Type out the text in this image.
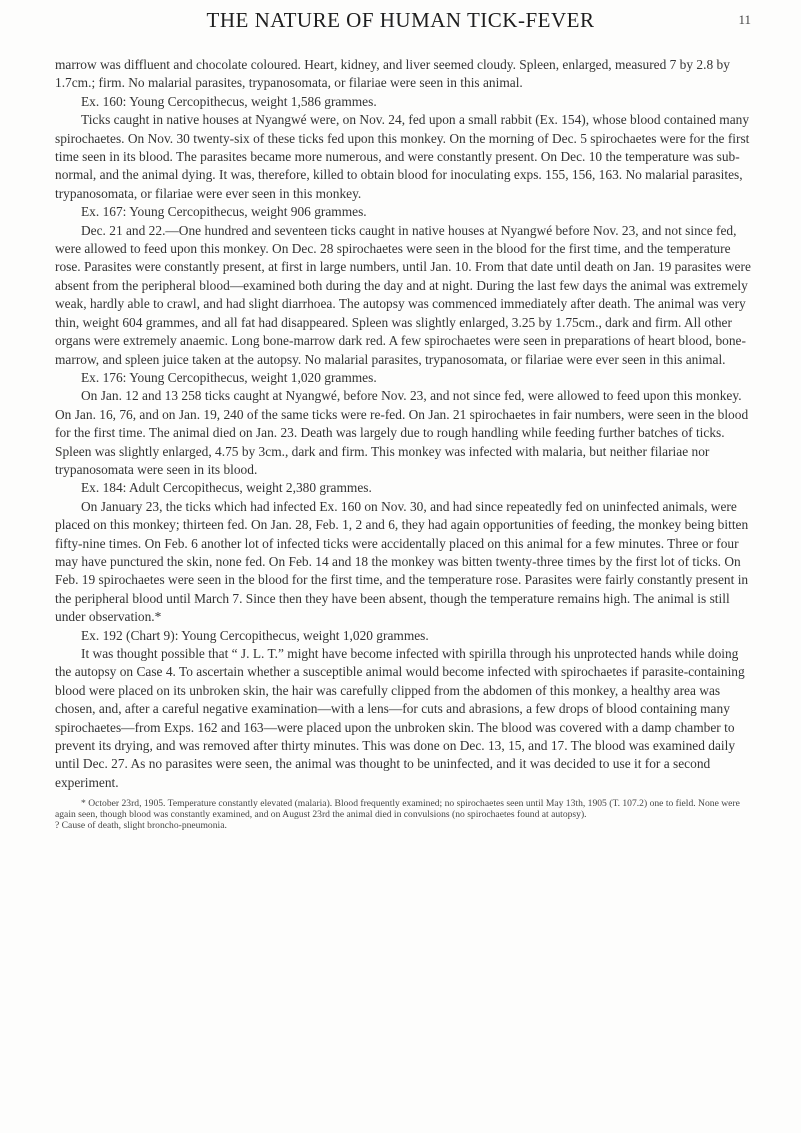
THE NATURE OF HUMAN TICK-FEVER	11

marrow was diffluent and chocolate coloured. Heart, kidney, and liver seemed cloudy. Spleen, enlarged, measured 7 by 2.8 by 1.7cm.; firm. No malarial parasites, trypanosomata, or filariae were seen in this animal.

Ex. 160: Young Cercopithecus, weight 1,586 grammes.

Ticks caught in native houses at Nyangwé were, on Nov. 24, fed upon a small rabbit (Ex. 154), whose blood contained many spirochaetes. On Nov. 30 twenty-six of these ticks fed upon this monkey. On the morning of Dec. 5 spirochaetes were for the first time seen in its blood. The parasites became more numerous, and were constantly present. On Dec. 10 the temperature was sub-normal, and the animal dying. It was, therefore, killed to obtain blood for inoculating exps. 155, 156, 163. No malarial parasites, trypanosomata, or filariae were ever seen in this monkey.

Ex. 167: Young Cercopithecus, weight 906 grammes.

Dec. 21 and 22.—One hundred and seventeen ticks caught in native houses at Nyangwé before Nov. 23, and not since fed, were allowed to feed upon this monkey. On Dec. 28 spirochaetes were seen in the blood for the first time, and the temperature rose. Parasites were constantly present, at first in large numbers, until Jan. 10. From that date until death on Jan. 19 parasites were absent from the peripheral blood—examined both during the day and at night. During the last few days the animal was extremely weak, hardly able to crawl, and had slight diarrhoea. The autopsy was commenced immediately after death. The animal was very thin, weight 604 grammes, and all fat had disappeared. Spleen was slightly enlarged, 3.25 by 1.75cm., dark and firm. All other organs were extremely anaemic. Long bone-marrow dark red. A few spirochaetes were seen in preparations of heart blood, bone-marrow, and spleen juice taken at the autopsy. No malarial parasites, trypanosomata, or filariae were ever seen in this animal.

Ex. 176: Young Cercopithecus, weight 1,020 grammes.

On Jan. 12 and 13 258 ticks caught at Nyangwé, before Nov. 23, and not since fed, were allowed to feed upon this monkey. On Jan. 16, 76, and on Jan. 19, 240 of the same ticks were re-fed. On Jan. 21 spirochaetes in fair numbers, were seen in the blood for the first time. The animal died on Jan. 23. Death was largely due to rough handling while feeding further batches of ticks. Spleen was slightly enlarged, 4.75 by 3cm., dark and firm. This monkey was infected with malaria, but neither filariae nor trypanosomata were seen in its blood.

Ex. 184: Adult Cercopithecus, weight 2,380 grammes.

On January 23, the ticks which had infected Ex. 160 on Nov. 30, and had since repeatedly fed on uninfected animals, were placed on this monkey; thirteen fed. On Jan. 28, Feb. 1, 2 and 6, they had again opportunities of feeding, the monkey being bitten fifty-nine times. On Feb. 6 another lot of infected ticks were accidentally placed on this animal for a few minutes. Three or four may have punctured the skin, none fed. On Feb. 14 and 18 the monkey was bitten twenty-three times by the first lot of ticks. On Feb. 19 spirochaetes were seen in the blood for the first time, and the temperature rose. Parasites were fairly constantly present in the peripheral blood until March 7. Since then they have been absent, though the temperature remains high. The animal is still under observation.*

Ex. 192 (Chart 9): Young Cercopithecus, weight 1,020 grammes.

It was thought possible that “ J. L. T.” might have become infected with spirilla through his unprotected hands while doing the autopsy on Case 4. To ascertain whether a susceptible animal would become infected with spirochaetes if parasite-containing blood were placed on its unbroken skin, the hair was carefully clipped from the abdomen of this monkey, a healthy area was chosen, and, after a careful negative examination—with a lens—for cuts and abrasions, a few drops of blood containing many spirochaetes—from Exps. 162 and 163—were placed upon the unbroken skin. The blood was covered with a damp chamber to prevent its drying, and was removed after thirty minutes. This was done on Dec. 13, 15, and 17. The blood was examined daily until Dec. 27. As no parasites were seen, the animal was thought to be uninfected, and it was decided to use it for a second experiment.

* October 23rd, 1905. Temperature constantly elevated (malaria). Blood frequently examined; no spirochaetes seen until May 13th, 1905 (T. 107.2) one to field. None were again seen, though blood was constantly examined, and on August 23rd the animal died in convulsions (no spirochaetes found at autopsy).

? Cause of death, slight broncho-pneumonia.
